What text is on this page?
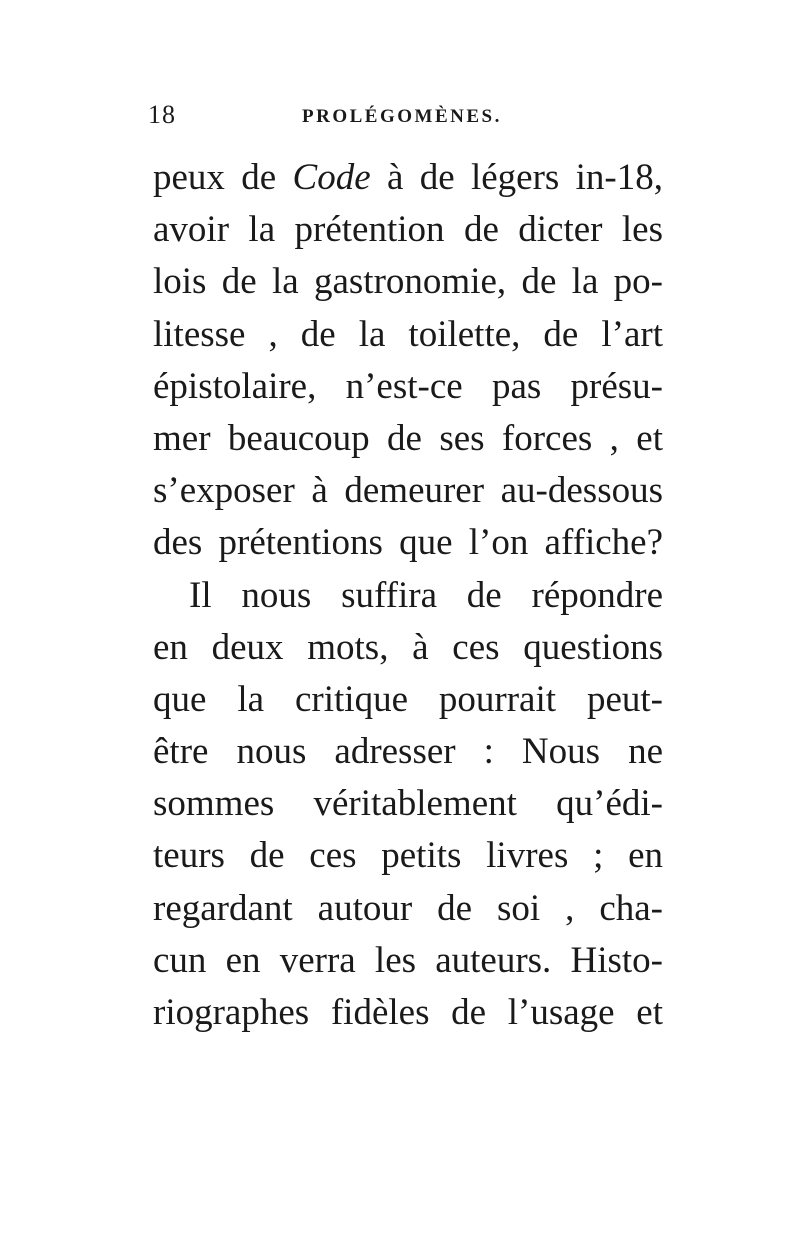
18	PROLÉGOMÈNES.
peux de Code à de légers in-18,
avoir la prétention de dicter les
lois de la gastronomie, de la po-
litesse , de la toilette, de l’art
épistolaire, n’est-ce pas présu-
mer beaucoup de ses forces , et
s’exposer à demeurer au-dessous
des prétentions que l’on affiche?
Il nous suffira de répondre
en deux mots, à ces questions
que la critique pourrait peut-
être nous adresser : Nous ne
sommes véritablement qu’édi-
teurs de ces petits livres ; en
regardant autour de soi , cha-
cun en verra les auteurs. Histo-
riographes fidèles de l’usage et
